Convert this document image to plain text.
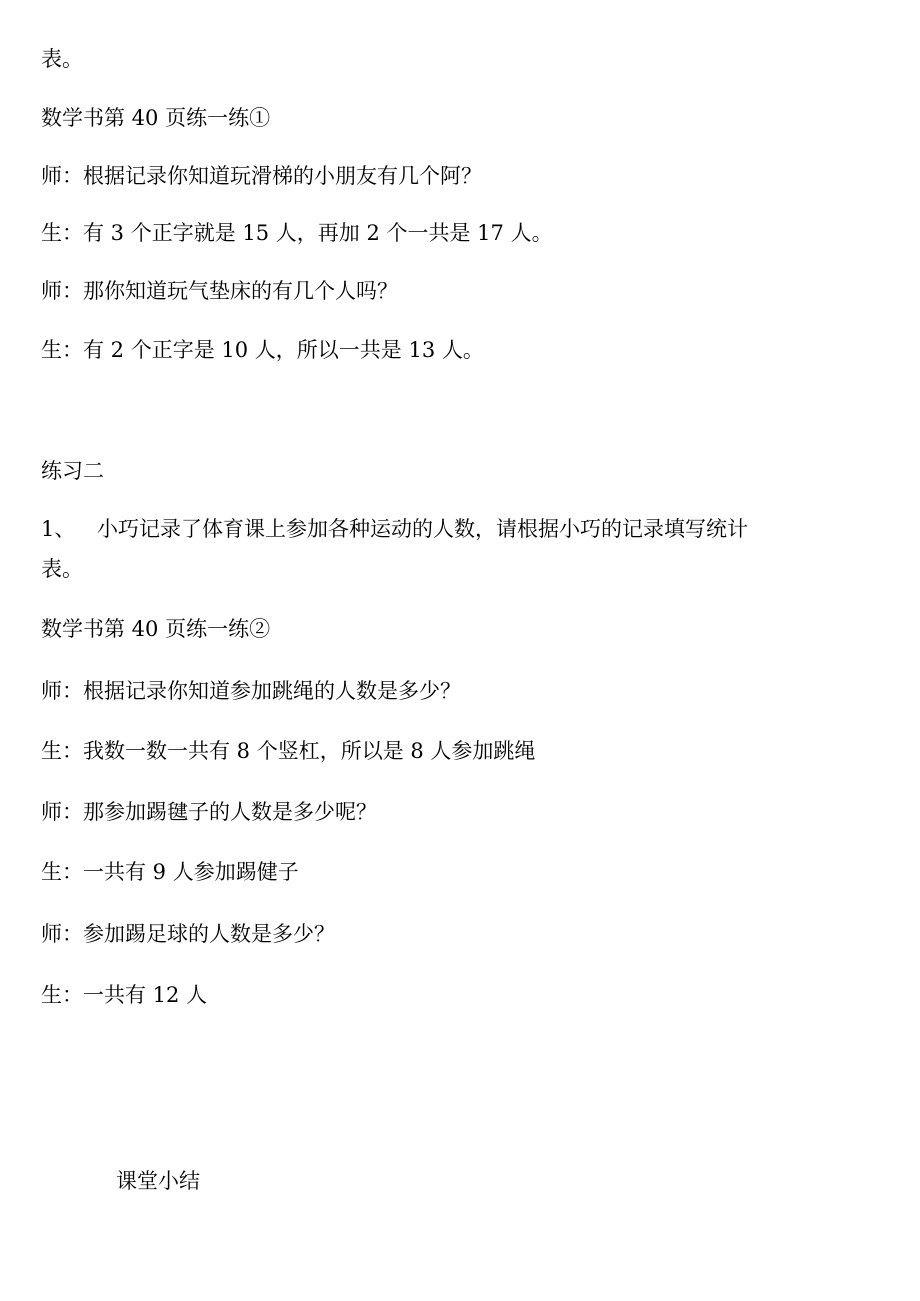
表。
数学书第 40 页练一练①
师：根据记录你知道玩滑梯的小朋友有几个阿？
生：有 3 个正字就是 15 人，再加 2 个一共是 17 人。
师：那你知道玩气垫床的有几个人吗？
生：有 2 个正字是 10 人，所以一共是 13 人。
练习二
1、 小巧记录了体育课上参加各种运动的人数，请根据小巧的记录填写统计
表。
数学书第 40 页练一练②
师：根据记录你知道参加跳绳的人数是多少？
生：我数一数一共有 8 个竖杠，所以是 8 人参加跳绳
师：那参加踢毽子的人数是多少呢？
生：一共有 9 人参加踢健子
师：参加踢足球的人数是多少？
生：一共有 12 人
课堂小结
